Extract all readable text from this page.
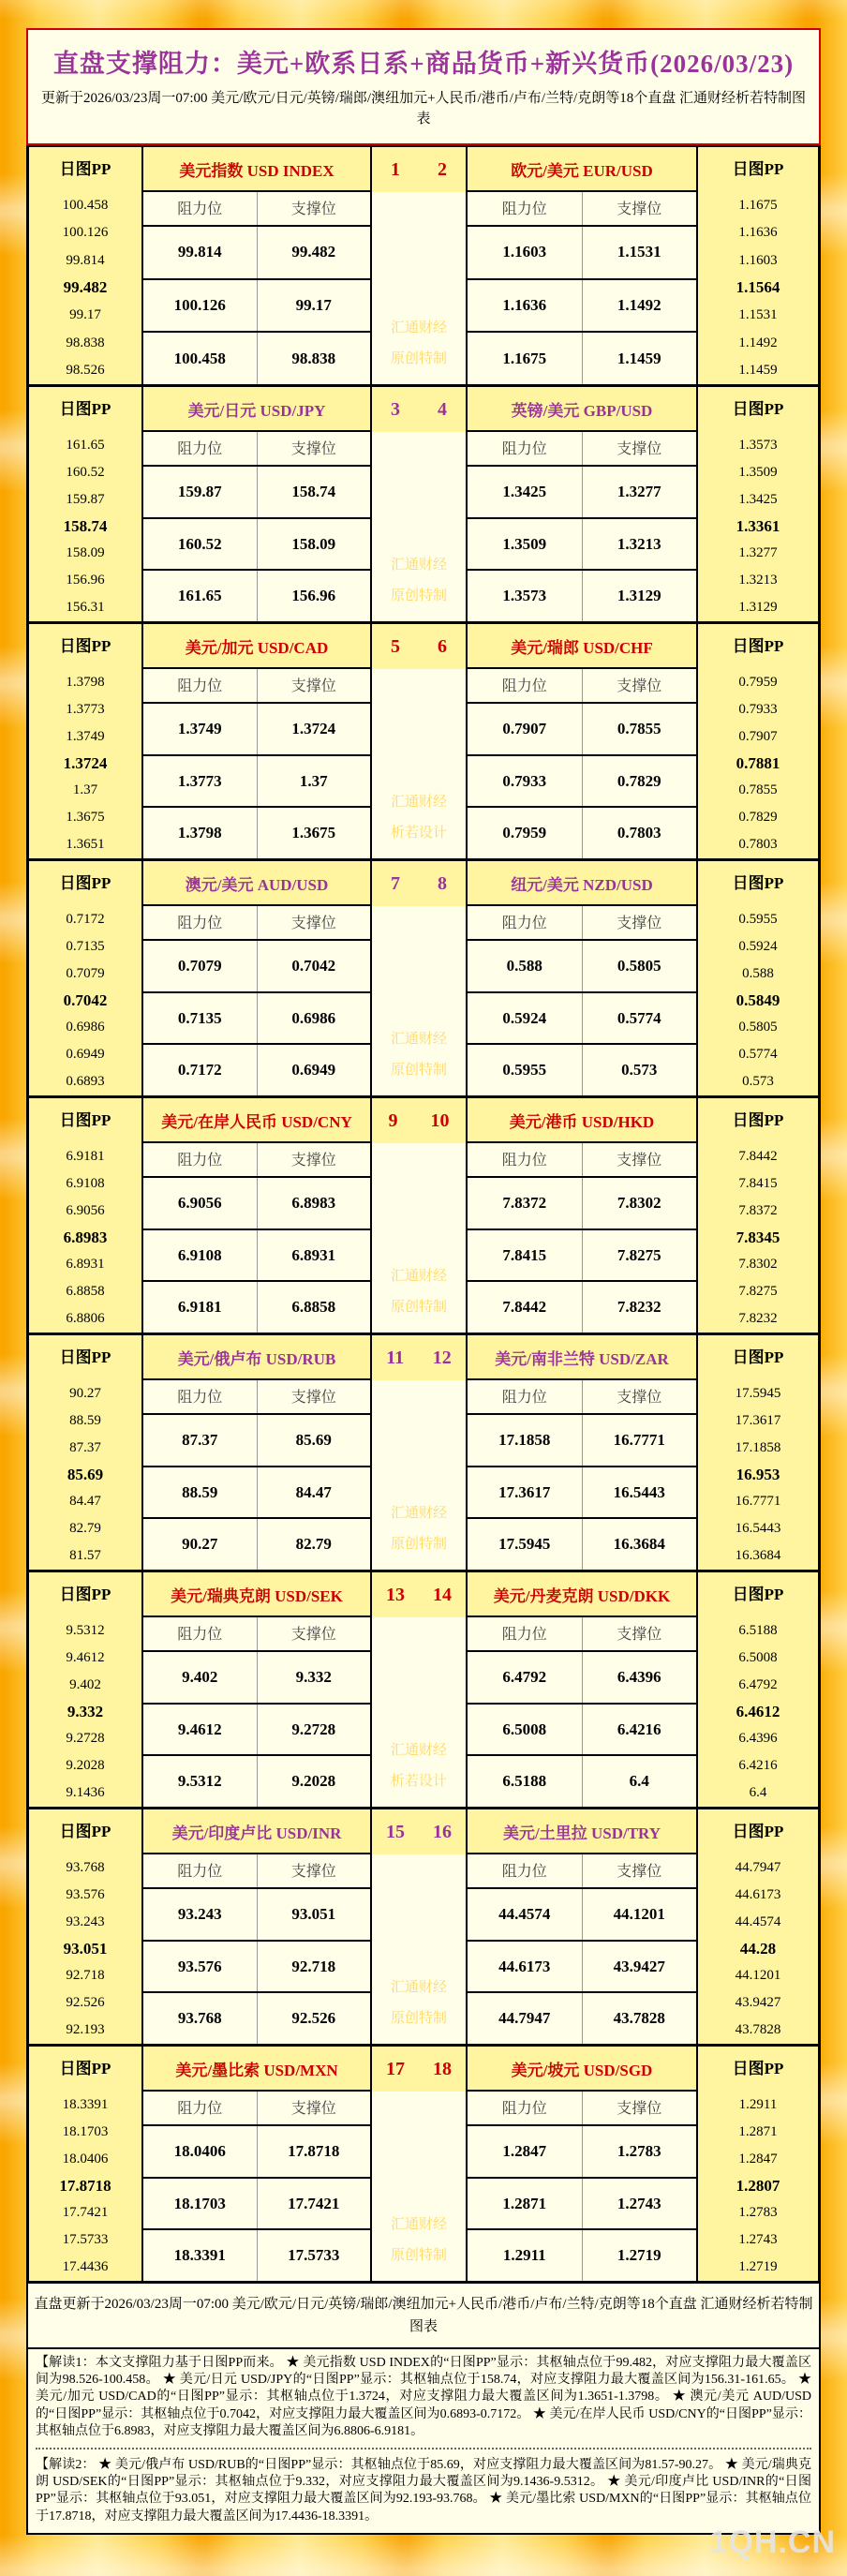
直盘支撑阻力：美元+欧系日系+商品货币+新兴货币(2026/03/23)
更新于2026/03/23周一07:00 美元/欧元/日元/英镑/瑞郎/澳纽加元+人民币/港币/卢布/兰特/克朗等18个直盘 汇通财经析若特制图表
日图PP
100.458
100.126
99.814
99.482
99.17
98.838
98.526
美元指数 USD INDEX
阻力位	支撑位
99.814	99.482
100.126	99.17
100.458	98.838
1 2
汇通财经
原创特制
欧元/美元 EUR/USD
阻力位	支撑位
1.1603	1.1531
1.1636	1.1492
1.1675	1.1459
日图PP
1.1675
1.1636
1.1603
1.1564
1.1531
1.1492
1.1459
日图PP
161.65
160.52
159.87
158.74
158.09
156.96
156.31
美元/日元 USD/JPY
阻力位	支撑位
159.87	158.74
160.52	158.09
161.65	156.96
3 4
汇通财经
原创特制
英镑/美元 GBP/USD
阻力位	支撑位
1.3425	1.3277
1.3509	1.3213
1.3573	1.3129
日图PP
1.3573
1.3509
1.3425
1.3361
1.3277
1.3213
1.3129
日图PP
1.3798
1.3773
1.3749
1.3724
1.37
1.3675
1.3651
美元/加元 USD/CAD
阻力位	支撑位
1.3749	1.3724
1.3773	1.37
1.3798	1.3675
5 6
汇通财经
析若设计
美元/瑞郎 USD/CHF
阻力位	支撑位
0.7907	0.7855
0.7933	0.7829
0.7959	0.7803
日图PP
0.7959
0.7933
0.7907
0.7881
0.7855
0.7829
0.7803
日图PP
0.7172
0.7135
0.7079
0.7042
0.6986
0.6949
0.6893
澳元/美元 AUD/USD
阻力位	支撑位
0.7079	0.7042
0.7135	0.6986
0.7172	0.6949
7 8
汇通财经
原创特制
纽元/美元 NZD/USD
阻力位	支撑位
0.588	0.5805
0.5924	0.5774
0.5955	0.573
日图PP
0.5955
0.5924
0.588
0.5849
0.5805
0.5774
0.573
日图PP
6.9181
6.9108
6.9056
6.8983
6.8931
6.8858
6.8806
美元/在岸人民币 USD/CNY
阻力位	支撑位
6.9056	6.8983
6.9108	6.8931
6.9181	6.8858
9 10
汇通财经
原创特制
美元/港币 USD/HKD
阻力位	支撑位
7.8372	7.8302
7.8415	7.8275
7.8442	7.8232
日图PP
7.8442
7.8415
7.8372
7.8345
7.8302
7.8275
7.8232
日图PP
90.27
88.59
87.37
85.69
84.47
82.79
81.57
美元/俄卢布 USD/RUB
阻力位	支撑位
87.37	85.69
88.59	84.47
90.27	82.79
11 12
汇通财经
原创特制
美元/南非兰特 USD/ZAR
阻力位	支撑位
17.1858	16.7771
17.3617	16.5443
17.5945	16.3684
日图PP
17.5945
17.3617
17.1858
16.953
16.7771
16.5443
16.3684
日图PP
9.5312
9.4612
9.402
9.332
9.2728
9.2028
9.1436
美元/瑞典克朗 USD/SEK
阻力位	支撑位
9.402	9.332
9.4612	9.2728
9.5312	9.2028
13 14
汇通财经
析若设计
美元/丹麦克朗 USD/DKK
阻力位	支撑位
6.4792	6.4396
6.5008	6.4216
6.5188	6.4
日图PP
6.5188
6.5008
6.4792
6.4612
6.4396
6.4216
6.4
日图PP
93.768
93.576
93.243
93.051
92.718
92.526
92.193
美元/印度卢比 USD/INR
阻力位	支撑位
93.243	93.051
93.576	92.718
93.768	92.526
15 16
汇通财经
原创特制
美元/土里拉 USD/TRY
阻力位	支撑位
44.4574	44.1201
44.6173	43.9427
44.7947	43.7828
日图PP
44.7947
44.6173
44.4574
44.28
44.1201
43.9427
43.7828
日图PP
18.3391
18.1703
18.0406
17.8718
17.7421
17.5733
17.4436
美元/墨比索 USD/MXN
阻力位	支撑位
18.0406	17.8718
18.1703	17.7421
18.3391	17.5733
17 18
汇通财经
原创特制
美元/坡元 USD/SGD
阻力位	支撑位
1.2847	1.2783
1.2871	1.2743
1.2911	1.2719
日图PP
1.2911
1.2871
1.2847
1.2807
1.2783
1.2743
1.2719
直盘更新于2026/03/23周一07:00 美元/欧元/日元/英镑/瑞郎/澳纽加元+人民币/港币/卢布/兰特/克朗等18个直盘 汇通财经析若特制图表
【解读1：本文支撑阻力基于日图PP而来。 ★ 美元指数 USD INDEX的“日图PP”显示：其枢轴点位于99.482，对应支撑阻力最大覆盖区间为98.526-100.458。 ★ 美元/日元 USD/JPY的“日图PP”显示：其枢轴点位于158.74，对应支撑阻力最大覆盖区间为156.31-161.65。 ★ 美元/加元 USD/CAD的“日图PP”显示：其枢轴点位于1.3724，对应支撑阻力最大覆盖区间为1.3651-1.3798。 ★ 澳元/美元 AUD/USD的“日图PP”显示：其枢轴点位于0.7042，对应支撑阻力最大覆盖区间为0.6893-0.7172。 ★ 美元/在岸人民币 USD/CNY的“日图PP”显示：其枢轴点位于6.8983，对应支撑阻力最大覆盖区间为6.8806-6.9181。
【解读2： ★ 美元/俄卢布 USD/RUB的“日图PP”显示：其枢轴点位于85.69，对应支撑阻力最大覆盖区间为81.57-90.27。 ★ 美元/瑞典克朗 USD/SEK的“日图PP”显示：其枢轴点位于9.332，对应支撑阻力最大覆盖区间为9.1436-9.5312。 ★ 美元/印度卢比 USD/INR的“日图PP”显示：其枢轴点位于93.051，对应支撑阻力最大覆盖区间为92.193-93.768。 ★ 美元/墨比索 USD/MXN的“日图PP”显示：其枢轴点位于17.8718，对应支撑阻力最大覆盖区间为17.4436-18.3391。
1QH.CN
